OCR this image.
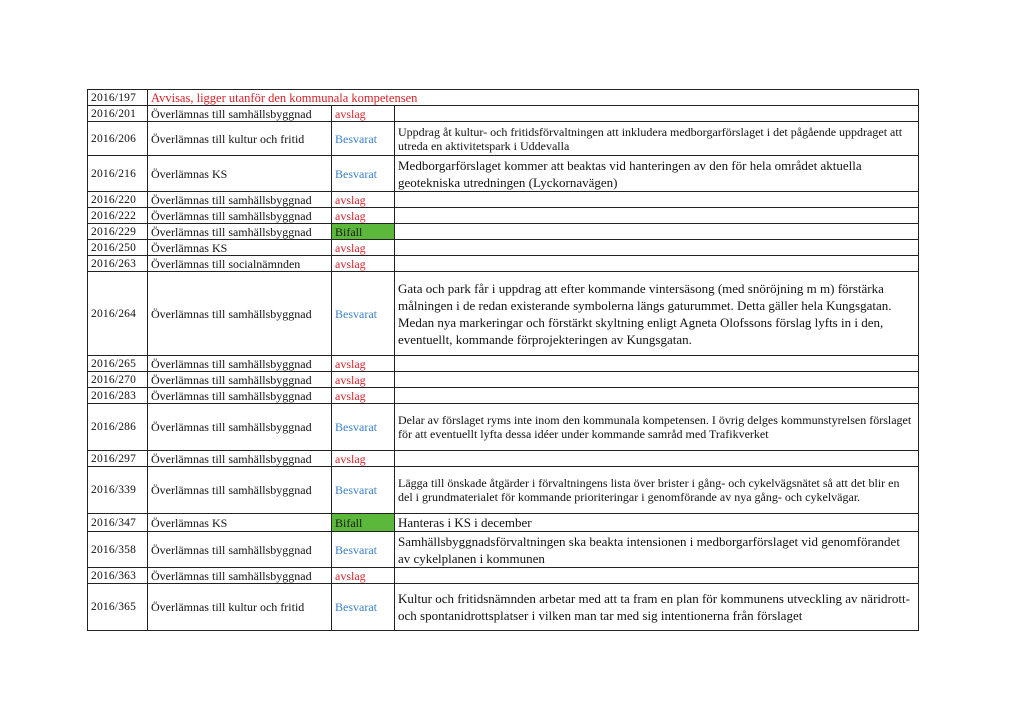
2016/197	Avvisas, ligger utanför den kommunala kompetensen		
2016/201	Överlämnas till samhällsbyggnad	avslag	
2016/206	Överlämnas till kultur och fritid	Besvarat	Uppdrag åt kultur- och fritidsförvaltningen att inkludera medborgarförslaget i det pågående uppdraget att utreda en aktivitetspark i Uddevalla
2016/216	Överlämnas KS	Besvarat	Medborgarförslaget kommer att beaktas vid hanteringen av den för hela området aktuella geotekniska utredningen (Lyckornavägen)
2016/220	Överlämnas till samhällsbyggnad	avslag	
2016/222	Överlämnas till samhällsbyggnad	avslag	
2016/229	Överlämnas till samhällsbyggnad	Bifall	
2016/250	Överlämnas KS	avslag	
2016/263	Överlämnas till socialnämnden	avslag	
2016/264	Överlämnas till samhällsbyggnad	Besvarat	Gata och park får i uppdrag att efter kommande vintersäsong (med snöröjning m m) förstärka målningen i de redan existerande symbolerna längs gaturummet. Detta gäller hela Kungsgatan. Medan nya markeringar och förstärkt skyltning enligt Agneta Olofssons förslag lyfts in i den, eventuellt, kommande förprojekteringen av Kungsgatan.
2016/265	Överlämnas till samhällsbyggnad	avslag	
2016/270	Överlämnas till samhällsbyggnad	avslag	
2016/283	Överlämnas till samhällsbyggnad	avslag	
2016/286	Överlämnas till samhällsbyggnad	Besvarat	Delar av förslaget ryms inte inom den kommunala kompetensen. I övrig delges kommunstyrelsen förslaget för att eventuellt lyfta dessa idéer under kommande samråd med Trafikverket
2016/297	Överlämnas till samhällsbyggnad	avslag	
2016/339	Överlämnas till samhällsbyggnad	Besvarat	Lägga till önskade åtgärder i förvaltningens lista över brister i gång- och cykelvägsnätet så att det blir en del i grundmaterialet för kommande prioriteringar i genomförande av nya gång- och cykelvägar.
2016/347	Överlämnas KS	Bifall	Hanteras i KS i december
2016/358	Överlämnas till samhällsbyggnad	Besvarat	Samhällsbyggnadsförvaltningen ska beakta intensionen i medborgarförslaget vid genomförandet av cykelplanen i kommunen
2016/363	Överlämnas till samhällsbyggnad	avslag	
2016/365	Överlämnas till kultur och fritid	Besvarat	Kultur och fritidsnämnden arbetar med att ta fram en plan för kommunens utveckling av näridrott- och spontanidrottsplatser i vilken man tar med sig intentionerna från förslaget
